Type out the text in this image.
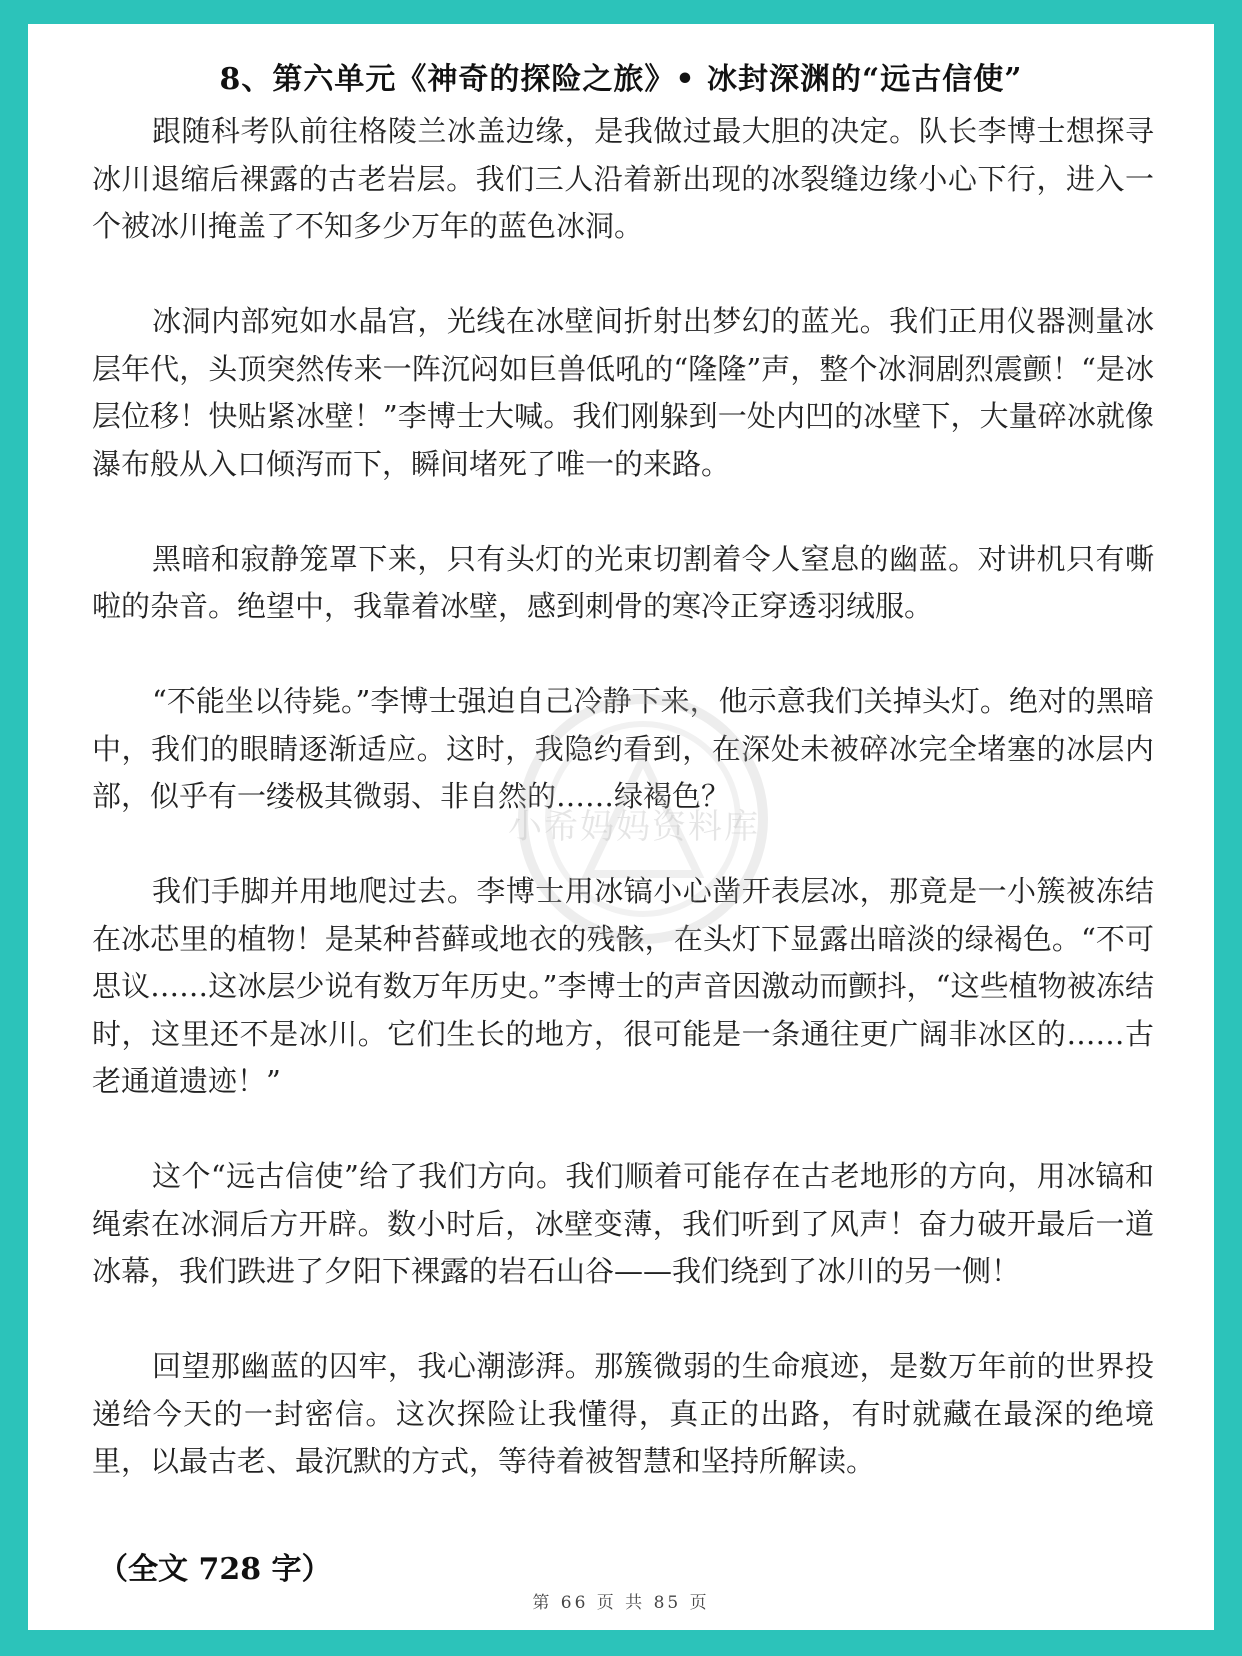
8、第六单元《神奇的探险之旅》• 冰封深渊的“远古信使”

跟随科考队前往格陵兰冰盖边缘，是我做过最大胆的决定。队长李博士想探寻冰川退缩后裸露的古老岩层。我们三人沿着新出现的冰裂缝边缘小心下行，进入一个被冰川掩盖了不知多少万年的蓝色冰洞。

冰洞内部宛如水晶宫，光线在冰壁间折射出梦幻的蓝光。我们正用仪器测量冰层年代，头顶突然传来一阵沉闷如巨兽低吼的“隆隆”声，整个冰洞剧烈震颤！“是冰层位移！快贴紧冰壁！”李博士大喊。我们刚躲到一处内凹的冰壁下，大量碎冰就像瀑布般从入口倾泻而下，瞬间堵死了唯一的来路。

黑暗和寂静笼罩下来，只有头灯的光束切割着令人窒息的幽蓝。对讲机只有嘶啦的杂音。绝望中，我靠着冰壁，感到刺骨的寒冷正穿透羽绒服。

“不能坐以待毙。”李博士强迫自己冷静下来，他示意我们关掉头灯。绝对的黑暗中，我们的眼睛逐渐适应。这时，我隐约看到，在深处未被碎冰完全堵塞的冰层内部，似乎有一缕极其微弱、非自然的……绿褐色？

我们手脚并用地爬过去。李博士用冰镐小心凿开表层冰，那竟是一小簇被冻结在冰芯里的植物！是某种苔藓或地衣的残骸，在头灯下显露出暗淡的绿褐色。“不可思议……这冰层少说有数万年历史。”李博士的声音因激动而颤抖，“这些植物被冻结时，这里还不是冰川。它们生长的地方，很可能是一条通往更广阔非冰区的……古老通道遗迹！”

这个“远古信使”给了我们方向。我们顺着可能存在古老地形的方向，用冰镐和绳索在冰洞后方开辟。数小时后，冰壁变薄，我们听到了风声！奋力破开最后一道冰幕，我们跌进了夕阳下裸露的岩石山谷——我们绕到了冰川的另一侧！

回望那幽蓝的囚牢，我心潮澎湃。那簇微弱的生命痕迹，是数万年前的世界投递给今天的一封密信。这次探险让我懂得，真正的出路，有时就藏在最深的绝境里，以最古老、最沉默的方式，等待着被智慧和坚持所解读。

（全文 728 字）
第 66 页 共 85 页
小希妈妈资料库
